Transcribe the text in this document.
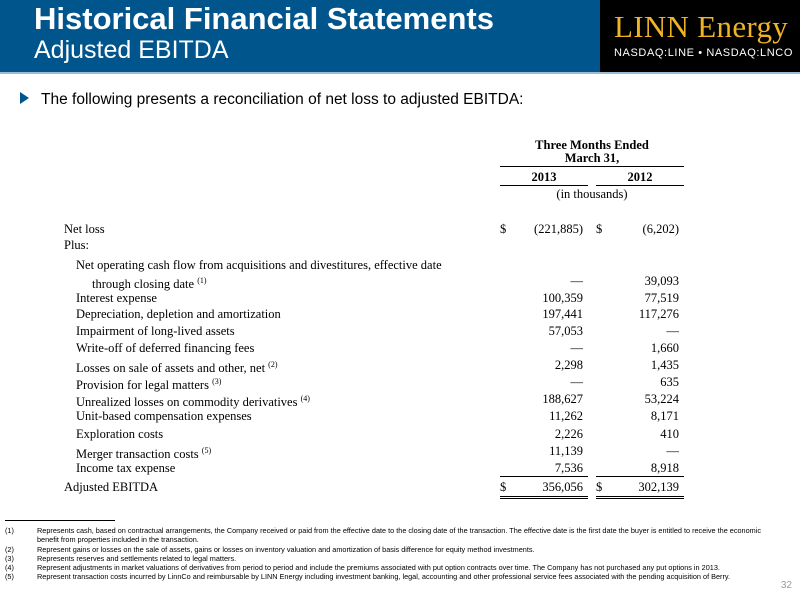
Historical Financial Statements
Adjusted EBITDA
LINN Energy
NASDAQ:LINE • NASDAQ:LNCO
The following presents a reconciliation of net loss to adjusted EBITDA:
Three Months Ended
March 31,
2013	2012
(in thousands)
Net loss	$ (221,885) $	(6,202)
Plus:
Net operating cash flow from acquisitions and divestitures, effective date
through closing date $^{(1)}$	—	39,093
Interest expense	100,359	77,519
Depreciation, depletion and amortization	197,441	117,276
Impairment of long-lived assets	57,053	—
Write-off of deferred financing fees	—	1,660
Losses on sale of assets and other, net $^{(2)}$	2,298	1,435
Provision for legal matters $^{(3)}$	—	635
Unrealized losses on commodity derivatives $^{(4)}$	188,627	53,224
Unit-based compensation expenses	11,262	8,171
Exploration costs	2,226	410
Merger transaction costs $^{(5)}$	11,139	—
Income tax expense	7,536	8,918
Adjusted EBITDA	$	356,056 $	302,139
(1)	Represents cash, based on contractual arrangements, the Company received or paid from the effective date to the closing date of the transaction. The effective date is the first date the buyer is entitled to receive the economic benefit from properties included in the transaction.
(2)	Represent gains or losses on the sale of assets, gains or losses on inventory valuation and amortization of basis difference for equity method investments.
(3)	Represents reserves and settlements related to legal matters.
(4)	Represent adjustments in market valuations of derivatives from period to period and include the premiums associated with put option contracts over time. The Company has not purchased any put options in 2013.
(5)	Represent transaction costs incurred by LinnCo and reimbursable by LINN Energy including investment banking, legal, accounting and other professional service fees associated with the pending acquisition of Berry.
32
